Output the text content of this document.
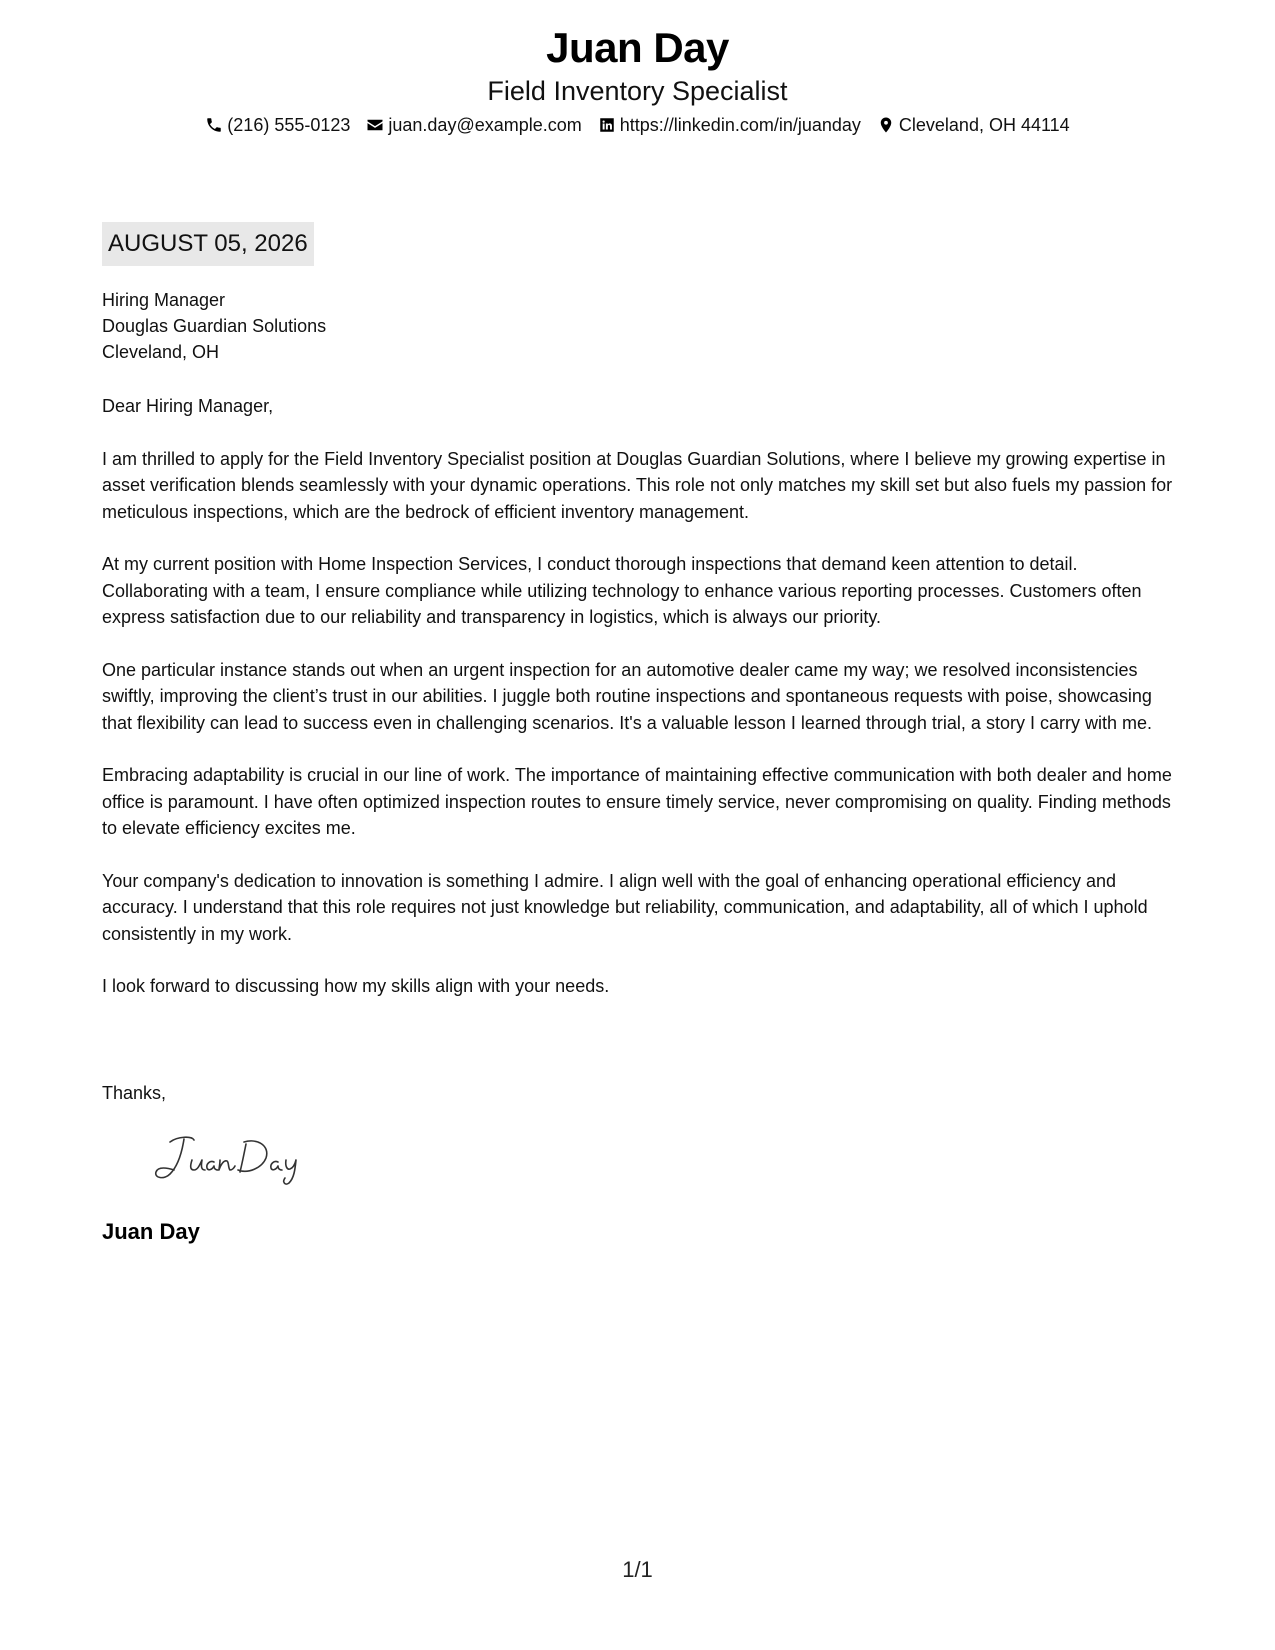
Juan Day
Field Inventory Specialist
(216) 555-0123 juan.day@example.com https://linkedin.com/in/juanday Cleveland, OH 44114
AUGUST 05, 2026
Hiring Manager
Douglas Guardian Solutions
Cleveland, OH

Dear Hiring Manager,

I am thrilled to apply for the Field Inventory Specialist position at Douglas Guardian Solutions, where I believe my growing expertise in asset verification blends seamlessly with your dynamic operations. This role not only matches my skill set but also fuels my passion for meticulous inspections, which are the bedrock of efficient inventory management.

At my current position with Home Inspection Services, I conduct thorough inspections that demand keen attention to detail. Collaborating with a team, I ensure compliance while utilizing technology to enhance various reporting processes. Customers often express satisfaction due to our reliability and transparency in logistics, which is always our priority.

One particular instance stands out when an urgent inspection for an automotive dealer came my way; we resolved inconsistencies swiftly, improving the client’s trust in our abilities. I juggle both routine inspections and spontaneous requests with poise, showcasing that flexibility can lead to success even in challenging scenarios. It's a valuable lesson I learned through trial, a story I carry with me.

Embracing adaptability is crucial in our line of work. The importance of maintaining effective communication with both dealer and home office is paramount. I have often optimized inspection routes to ensure timely service, never compromising on quality. Finding methods to elevate efficiency excites me.

Your company's dedication to innovation is something I admire. I align well with the goal of enhancing operational efficiency and accuracy. I understand that this role requires not just knowledge but reliability, communication, and adaptability, all of which I uphold consistently in my work.

I look forward to discussing how my skills align with your needs.

Thanks,
Juan Day
1/1
